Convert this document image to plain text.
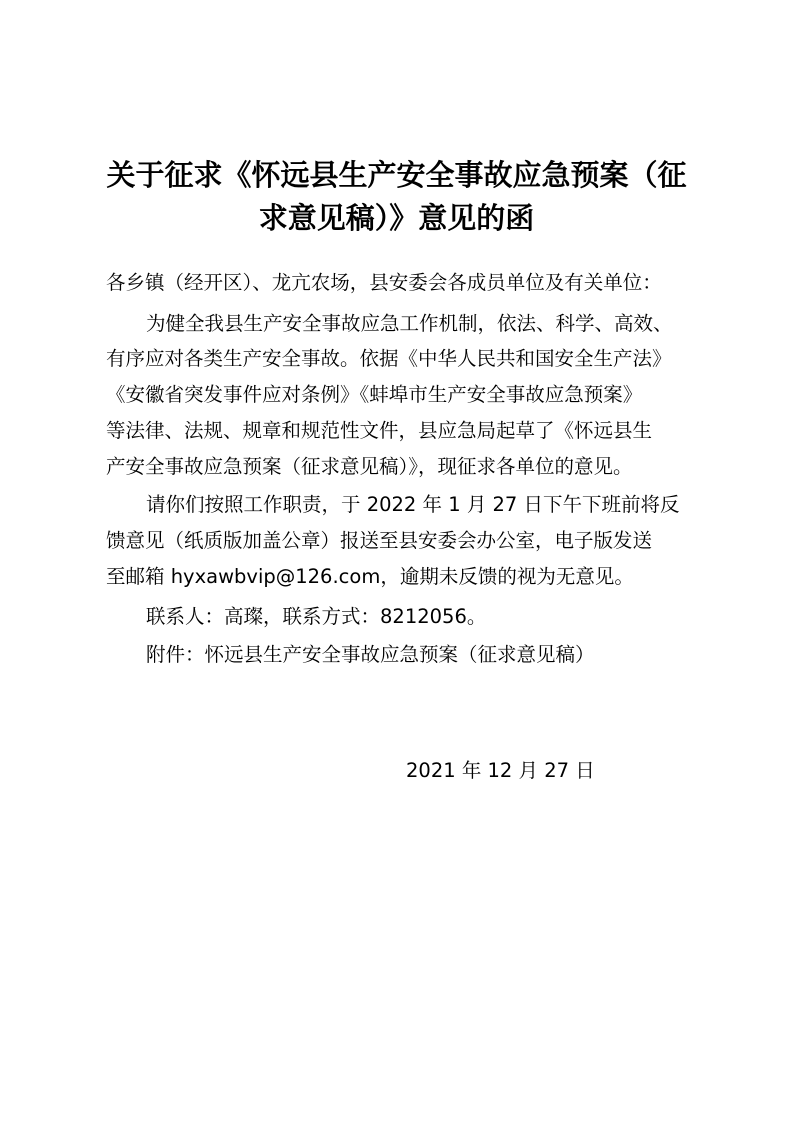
关于征求《怀远县生产安全事故应急预案（征
求意见稿）》意见的函

各乡镇（经开区）、龙亢农场，县安委会各成员单位及有关单位：

为健全我县生产安全事故应急工作机制，依法、科学、高效、

有序应对各类生产安全事故。依据《中华人民共和国安全生产法》

《安徽省突发事件应对条例》《蚌埠市生产安全事故应急预案》

等法律、法规、规章和规范性文件，县应急局起草了《怀远县生

产安全事故应急预案（征求意见稿）》，现征求各单位的意见。

请你们按照工作职责，于 2022 年 1 月 27 日下午下班前将反

馈意见（纸质版加盖公章）报送至县安委会办公室，电子版发送

至邮箱 hyxawbvip@126.com，逾期未反馈的视为无意见。

联系人：高璨，联系方式：8212056。

附件：怀远县生产安全事故应急预案（征求意见稿）

2021 年 12 月 27 日
